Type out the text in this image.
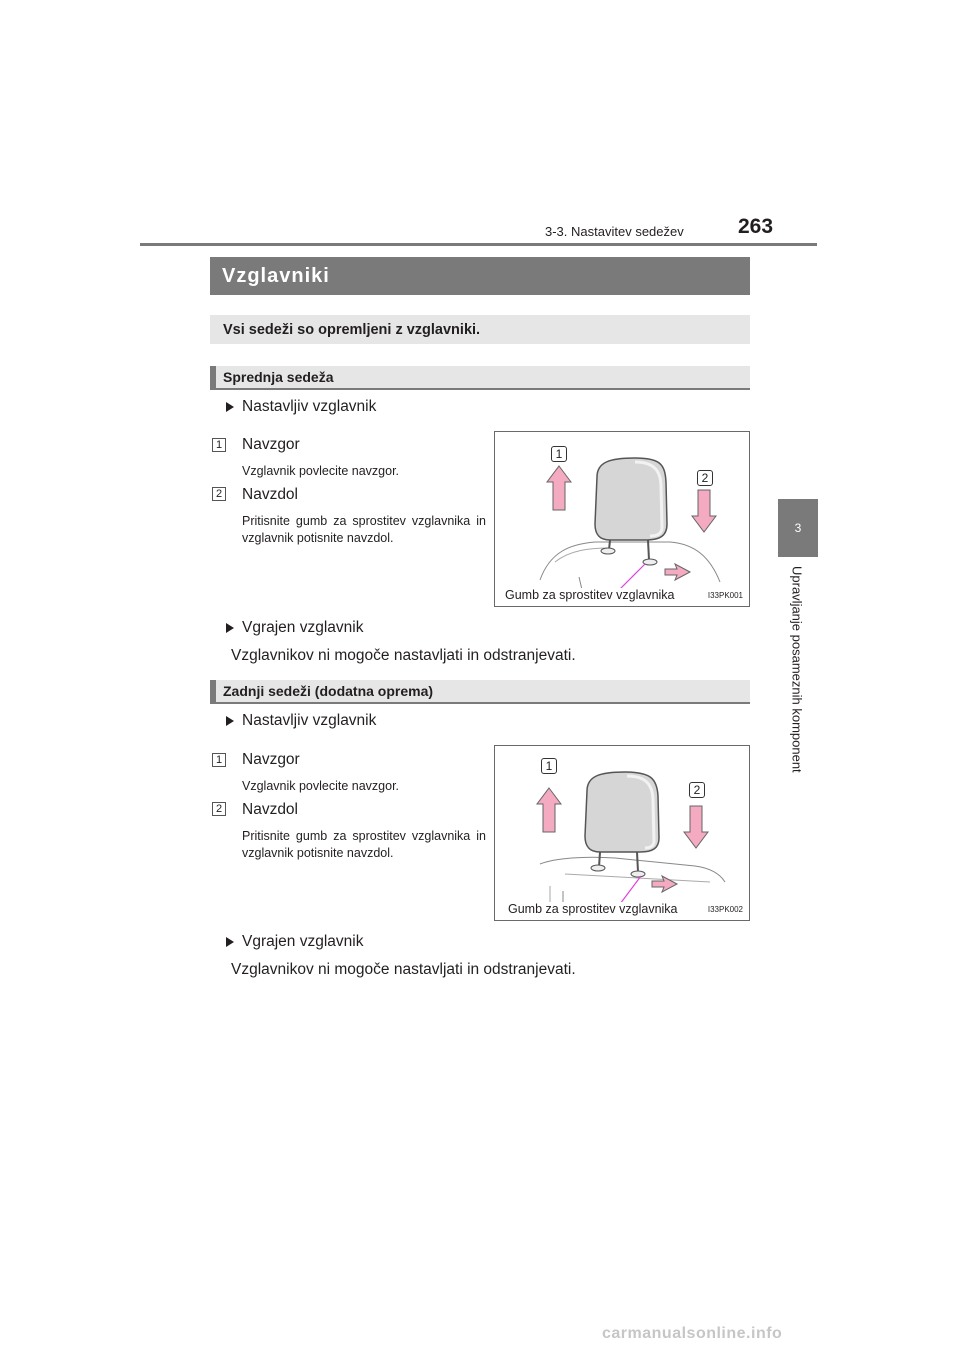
3-3. Nastavitev sedežev	263
3
Upravljanje posameznih komponent
Vzglavniki
Vsi sedeži so opremljeni z vzglavniki.
Sprednja sedeža
Nastavljiv vzglavnik
1 Navzgor
Vzglavnik povlecite navzgor.
2 Navzdol
Pritisnite gumb za sprostitev vzglavnika in vzglavnik potisnite navzdol.
1
2
Gumb za sprostitev vzglavnika	I33PK001
Vgrajen vzglavnik
Vzglavnikov ni mogoče nastavljati in odstranjevati.
Zadnji sedeži (dodatna oprema)
Nastavljiv vzglavnik
1 Navzgor
Vzglavnik povlecite navzgor.
2 Navzdol
Pritisnite gumb za sprostitev vzglavnika in vzglavnik potisnite navzdol.
1
2
Gumb za sprostitev vzglavnika	I33PK002
Vgrajen vzglavnik
Vzglavnikov ni mogoče nastavljati in odstranjevati.
carmanualsonline.info
